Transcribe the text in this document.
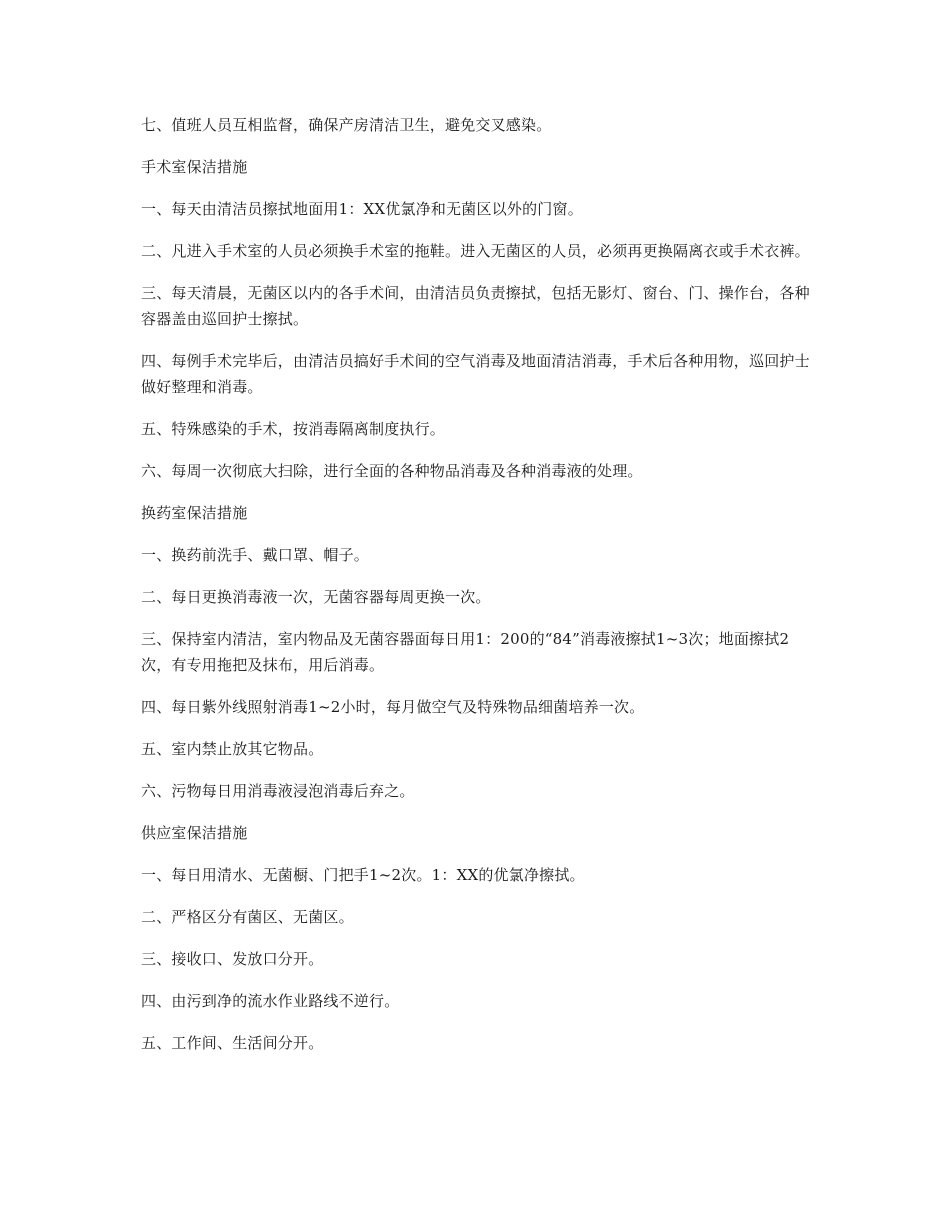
七、值班人员互相监督，确保产房清洁卫生，避免交叉感染。

手术室保洁措施

一、每天由清洁员擦拭地面用1：XX优氯净和无菌区以外的门窗。

二、凡进入手术室的人员必须换手术室的拖鞋。进入无菌区的人员，必须再更换隔离衣或手术衣裤。

三、每天清晨，无菌区以内的各手术间，由清洁员负责擦拭，包括无影灯、窗台、门、操作台，各种容器盖由巡回护士擦拭。

四、每例手术完毕后，由清洁员搞好手术间的空气消毒及地面清洁消毒，手术后各种用物，巡回护士做好整理和消毒。

五、特殊感染的手术，按消毒隔离制度执行。

六、每周一次彻底大扫除，进行全面的各种物品消毒及各种消毒液的处理。

换药室保洁措施

一、换药前洗手、戴口罩、帽子。

二、每日更换消毒液一次，无菌容器每周更换一次。

三、保持室内清洁，室内物品及无菌容器面每日用1：200的“84”消毒液擦拭1~3次；地面擦拭2次，有专用拖把及抹布，用后消毒。

四、每日紫外线照射消毒1~2小时，每月做空气及特殊物品细菌培养一次。

五、室内禁止放其它物品。

六、污物每日用消毒液浸泡消毒后弃之。

供应室保洁措施

一、每日用清水、无菌橱、门把手1~2次。1：XX的优氯净擦拭。

二、严格区分有菌区、无菌区。

三、接收口、发放口分开。

四、由污到净的流水作业路线不逆行。

五、工作间、生活间分开。
